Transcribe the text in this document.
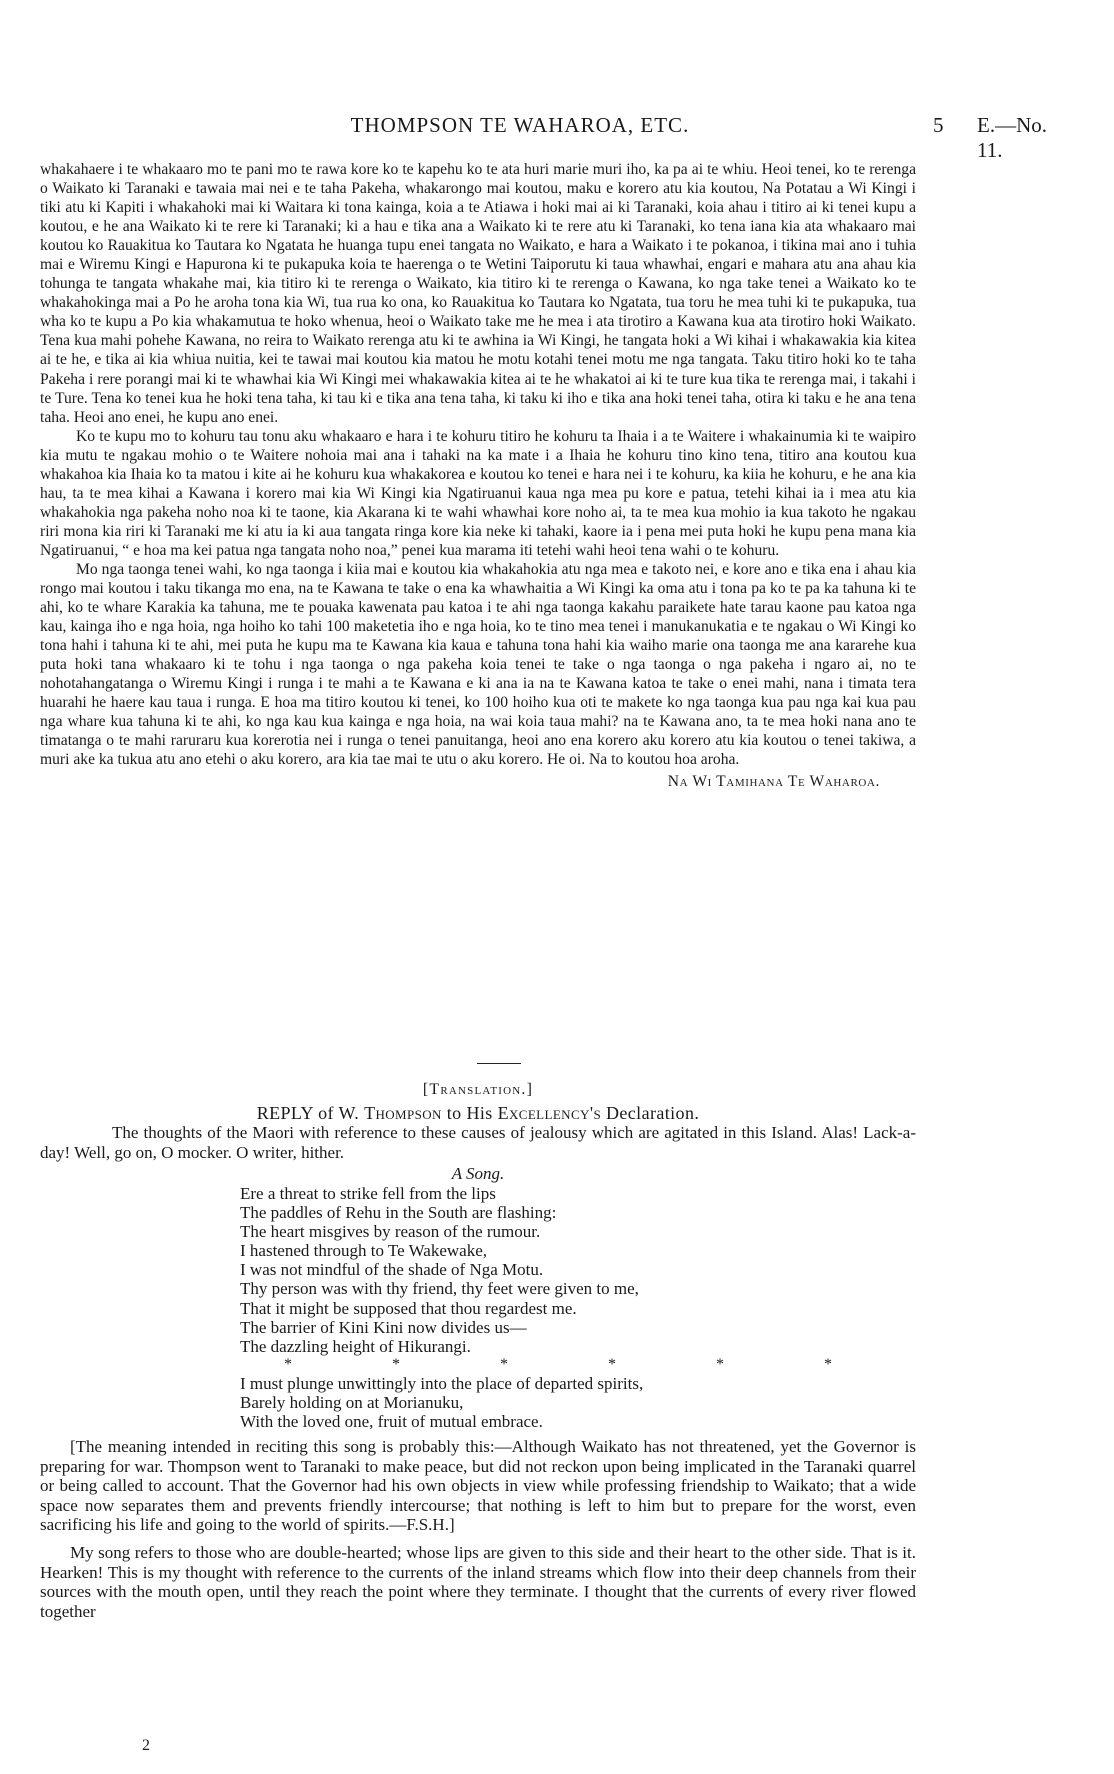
THOMPSON TE WAHAROA, ETC.	5 E.—No. 11.

whakahaere i te whakaaro mo te pani mo te rawa kore ko te kapehu ko te ata huri marie muri iho, ka pa ai te whiu. Heoi tenei, ko te rerenga o Waikato ki Taranaki e tawaia mai nei e te taha Pakeha, whakarongo mai koutou, maku e korero atu kia koutou, Na Potatau a Wi Kingi i tiki atu ki Kapiti i whakahoki mai ki Waitara ki tona kainga, koia a te Atiawa i hoki mai ai ki Taranaki, koia ahau i titiro ai ki tenei kupu a koutou, e he ana Waikato ki te rere ki Taranaki; ki a hau e tika ana a Waikato ki te rere atu ki Taranaki, ko tena iana kia ata whakaaro mai koutou ko Rauakitua ko Tautara ko Ngatata he huanga tupu enei tangata no Waikato, e hara a Waikato i te pokanoa, i tikina mai ano i tuhia mai e Wiremu Kingi e Hapurona ki te pukapuka koia te haerenga o te Wetini Taiporutu ki taua whawhai, engari e mahara atu ana ahau kia tohunga te tangata whakahe mai, kia titiro ki te rerenga o Waikato, kia titiro ki te rerenga o Kawana, ko nga take tenei a Waikato ko te whakahokinga mai a Po he aroha tona kia Wi, tua rua ko ona, ko Rauakitua ko Tautara ko Ngatata, tua toru he mea tuhi ki te pukapuka, tua wha ko te kupu a Po kia whakamutua te hoko whenua, heoi o Waikato take me he mea i ata tirotiro a Kawana kua ata tirotiro hoki Waikato. Tena kua mahi pohehe Kawana, no reira to Waikato rerenga atu ki te awhina ia Wi Kingi, he tangata hoki a Wi kihai i whakawakia kia kitea ai te he, e tika ai kia whiua nuitia, kei te tawai mai koutou kia matou he motu kotahi tenei motu me nga tangata. Taku titiro hoki ko te taha Pakeha i rere porangi mai ki te whawhai kia Wi Kingi mei whakawakia kitea ai te he whakatoi ai ki te ture kua tika te rerenga mai, i takahi i te Ture. Tena ko tenei kua he hoki tena taha, ki tau ki e tika ana tena taha, ki taku ki iho e tika ana hoki tenei taha, otira ki taku e he ana tena taha. Heoi ano enei, he kupu ano enei.

Ko te kupu mo to kohuru tau tonu aku whakaaro e hara i te kohuru titiro he kohuru ta Ihaia i a te Waitere i whakainumia ki te waipiro kia mutu te ngakau mohio o te Waitere nohoia mai ana i tahaki na ka mate i a Ihaia he kohuru tino kino tena, titiro ana koutou kua whakahoa kia Ihaia ko ta matou i kite ai he kohuru kua whakakorea e koutou ko tenei e hara nei i te kohuru, ka kiia he kohuru, e he ana kia hau, ta te mea kihai a Kawana i korero mai kia Wi Kingi kia Ngatiruanui kaua nga mea pu kore e patua, tetehi kihai ia i mea atu kia whakahokia nga pakeha noho noa ki te taone, kia Akarana ki te wahi whawhai kore noho ai, ta te mea kua mohio ia kua takoto he ngakau riri mona kia riri ki Taranaki me ki atu ia ki aua tangata ringa kore kia neke ki tahaki, kaore ia i pena mei puta hoki he kupu pena mana kia Ngatiruanui, “ e hoa ma kei patua nga tangata noho noa,” penei kua marama iti tetehi wahi heoi tena wahi o te kohuru.

Mo nga taonga tenei wahi, ko nga taonga i kiia mai e koutou kia whakahokia atu nga mea e takoto nei, e kore ano e tika ena i ahau kia rongo mai koutou i taku tikanga mo ena, na te Kawana te take o ena ka whawhaitia a Wi Kingi ka oma atu i tona pa ko te pa ka tahuna ki te ahi, ko te whare Karakia ka tahuna, me te pouaka kawenata pau katoa i te ahi nga taonga kakahu paraikete hate tarau kaone pau katoa nga kau, kainga iho e nga hoia, nga hoiho ko tahi 100 maketetia iho e nga hoia, ko te tino mea tenei i manukanukatia e te ngakau o Wi Kingi ko tona hahi i tahuna ki te ahi, mei puta he kupu ma te Kawana kia kaua e tahuna tona hahi kia waiho marie ona taonga me ana kararehe kua puta hoki tana whakaaro ki te tohu i nga taonga o nga pakeha koia tenei te take o nga taonga o nga pakeha i ngaro ai, no te nohotahangatanga o Wiremu Kingi i runga i te mahi a te Kawana e ki ana ia na te Kawana katoa te take o enei mahi, nana i timata tera huarahi he haere kau taua i runga. E hoa ma titiro koutou ki tenei, ko 100 hoiho kua oti te makete ko nga taonga kua pau nga kai kua pau nga whare kua tahuna ki te ahi, ko nga kau kua kainga e nga hoia, na wai koia taua mahi? na te Kawana ano, ta te mea hoki nana ano te timatanga o te mahi raruraru kua korerotia nei i runga o tenei panuitanga, heoi ano ena korero aku korero atu kia koutou o tenei takiwa, a muri ake ka tukua atu ano etehi o aku korero, ara kia tae mai te utu o aku korero. He oi. Na to koutou hoa aroha.

Na Wi Tamihana Te Waharoa.

[Translation.]

REPLY of W. Thompson to His Excellency's Declaration.

The thoughts of the Maori with reference to these causes of jealousy which are agitated in this Island. Alas! Lack-a-day! Well, go on, O mocker. O writer, hither.

A Song.

Ere a threat to strike fell from the lips
The paddles of Rehu in the South are flashing:
The heart misgives by reason of the rumour.
I hastened through to Te Wakewake,
I was not mindful of the shade of Nga Motu.
Thy person was with thy friend, thy feet were given to me,
That it might be supposed that thou regardest me.
The barrier of Kini Kini now divides us—
The dazzling height of Hikurangi.
* * * * * *
I must plunge unwittingly into the place of departed spirits,
Barely holding on at Morianuku,
With the loved one, fruit of mutual embrace.

[The meaning intended in reciting this song is probably this:—Although Waikato has not threatened, yet the Governor is preparing for war. Thompson went to Taranaki to make peace, but did not reckon upon being implicated in the Taranaki quarrel or being called to account. That the Governor had his own objects in view while professing friendship to Waikato; that a wide space now separates them and prevents friendly intercourse; that nothing is left to him but to prepare for the worst, even sacrificing his life and going to the world of spirits.—F.S.H.]

My song refers to those who are double-hearted; whose lips are given to this side and their heart to the other side. That is it. Hearken! This is my thought with reference to the currents of the inland streams which flow into their deep channels from their sources with the mouth open, until they reach the point where they terminate. I thought that the currents of every river flowed together

2
